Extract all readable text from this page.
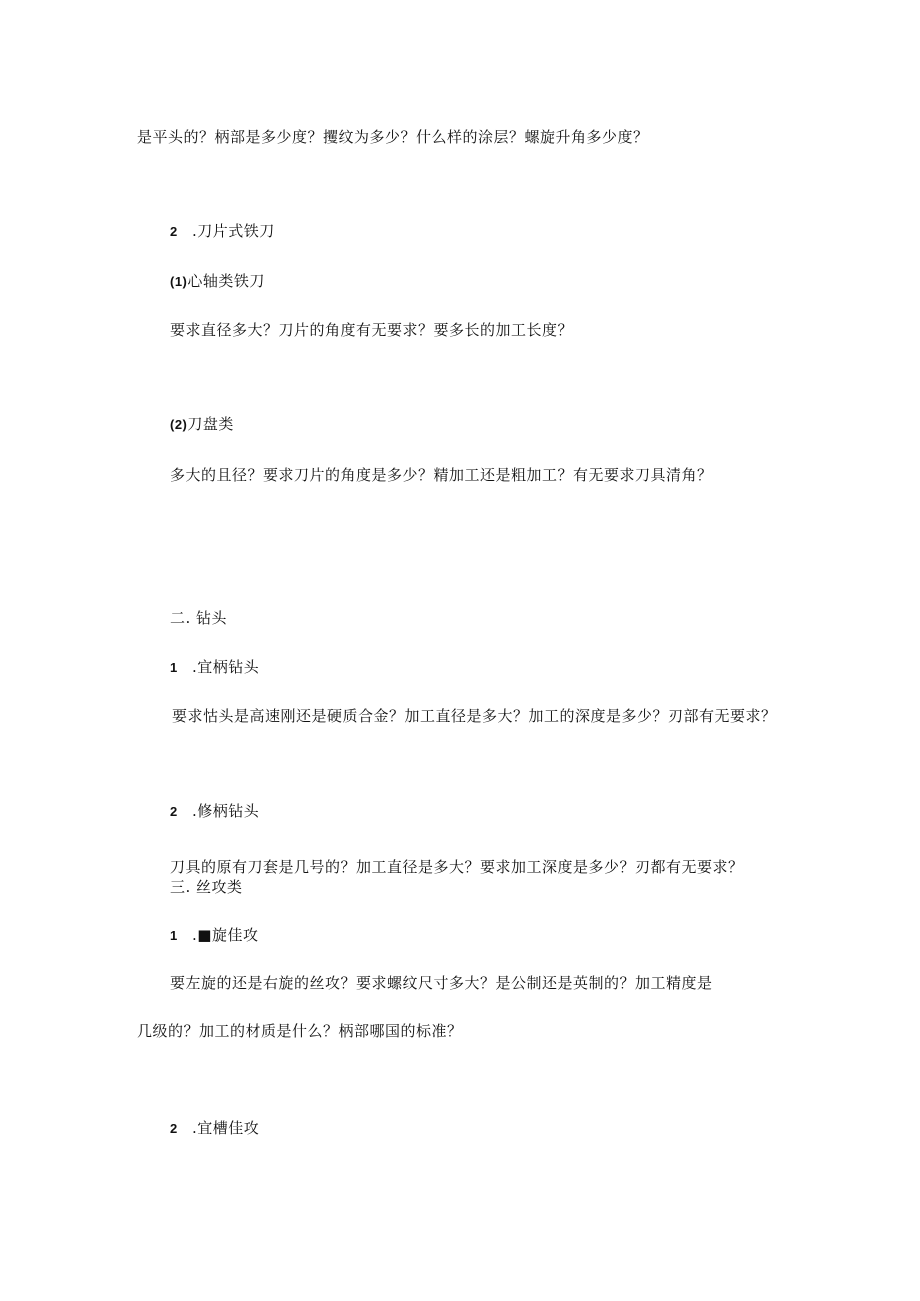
是平头的？柄部是多少度？攫纹为多少？什么样的涂层？螺旋升角多少度？
2 .刀片式铁刀
(1)心轴类铁刀
要求直径多大？刀片的角度有无要求？要多长的加工长度？
(2)刀盘类
多大的且径？要求刀片的角度是多少？精加工还是粗加工？有无要求刀具清角？
二. 钻头
1 .宜柄钻头
要求怙头是高速刚还是硬质合金？加工直径是多大？加工的深度是多少？刃部有无要求？
2 .修柄钻头
刀具的原有刀套是几号的？加工直径是多大？要求加工深度是多少？刃都有无要求？
三. 丝攻类
1 .■旋佳攻
要左旋的还是右旋的丝攻？要求螺纹尺寸多大？是公制还是英制的？加工精度是
几级的？加工的材质是什么？柄部哪国的标准？
2 .宜槽佳攻
